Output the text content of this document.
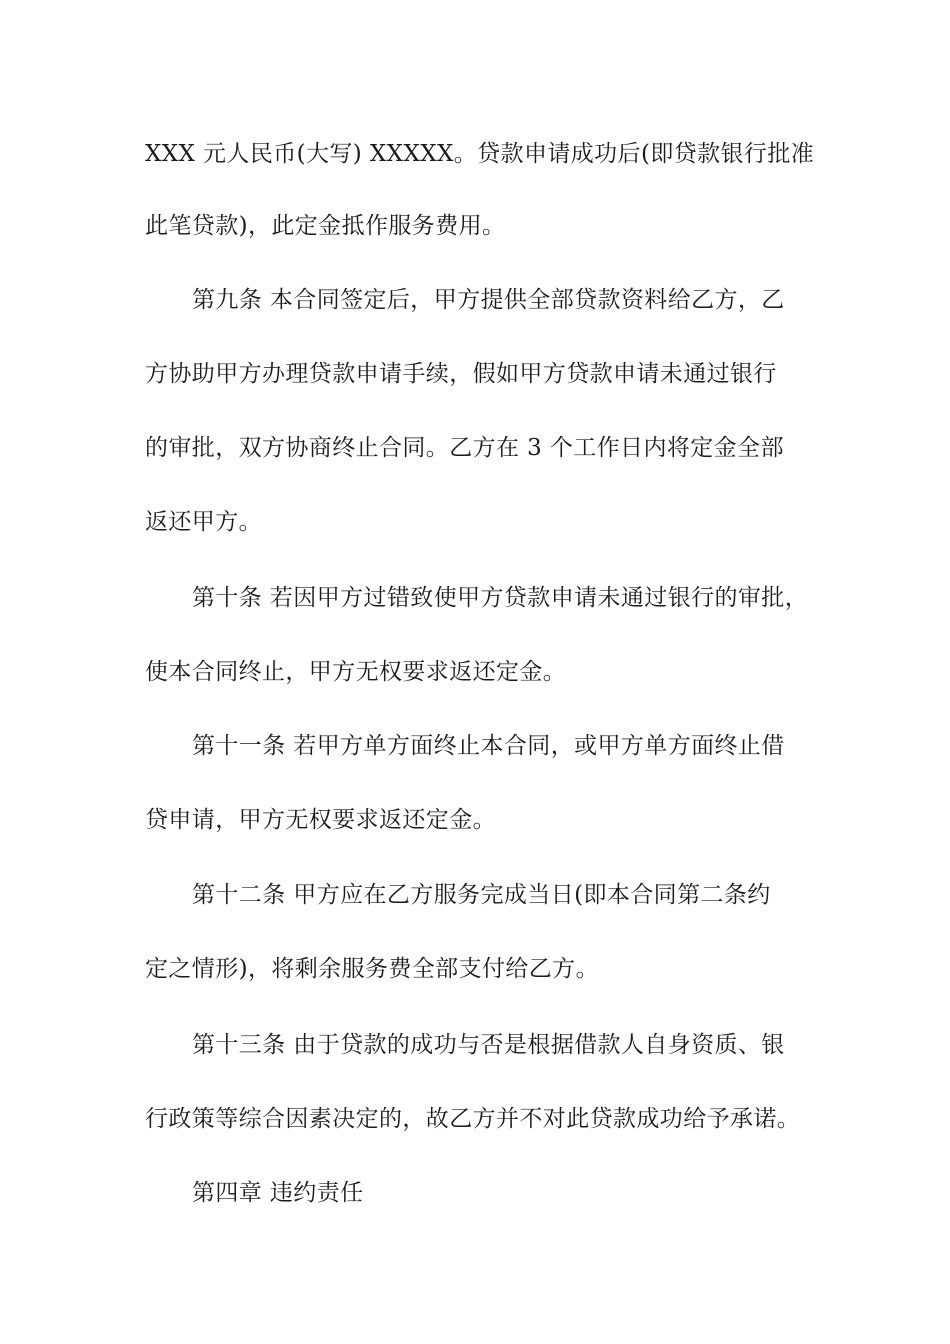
XXX 元人民币(大写) XXXXX。贷款申请成功后(即贷款银行批准
此笔贷款)，此定金抵作服务费用。
第九条 本合同签定后，甲方提供全部贷款资料给乙方，乙
方协助甲方办理贷款申请手续，假如甲方贷款申请未通过银行
的审批，双方协商终止合同。乙方在 3 个工作日内将定金全部
返还甲方。
第十条 若因甲方过错致使甲方贷款申请未通过银行的审批，
使本合同终止，甲方无权要求返还定金。
第十一条 若甲方单方面终止本合同，或甲方单方面终止借
贷申请，甲方无权要求返还定金。
第十二条 甲方应在乙方服务完成当日(即本合同第二条约
定之情形)，将剩余服务费全部支付给乙方。
第十三条 由于贷款的成功与否是根据借款人自身资质、银
行政策等综合因素决定的，故乙方并不对此贷款成功给予承诺。
第四章 违约责任
